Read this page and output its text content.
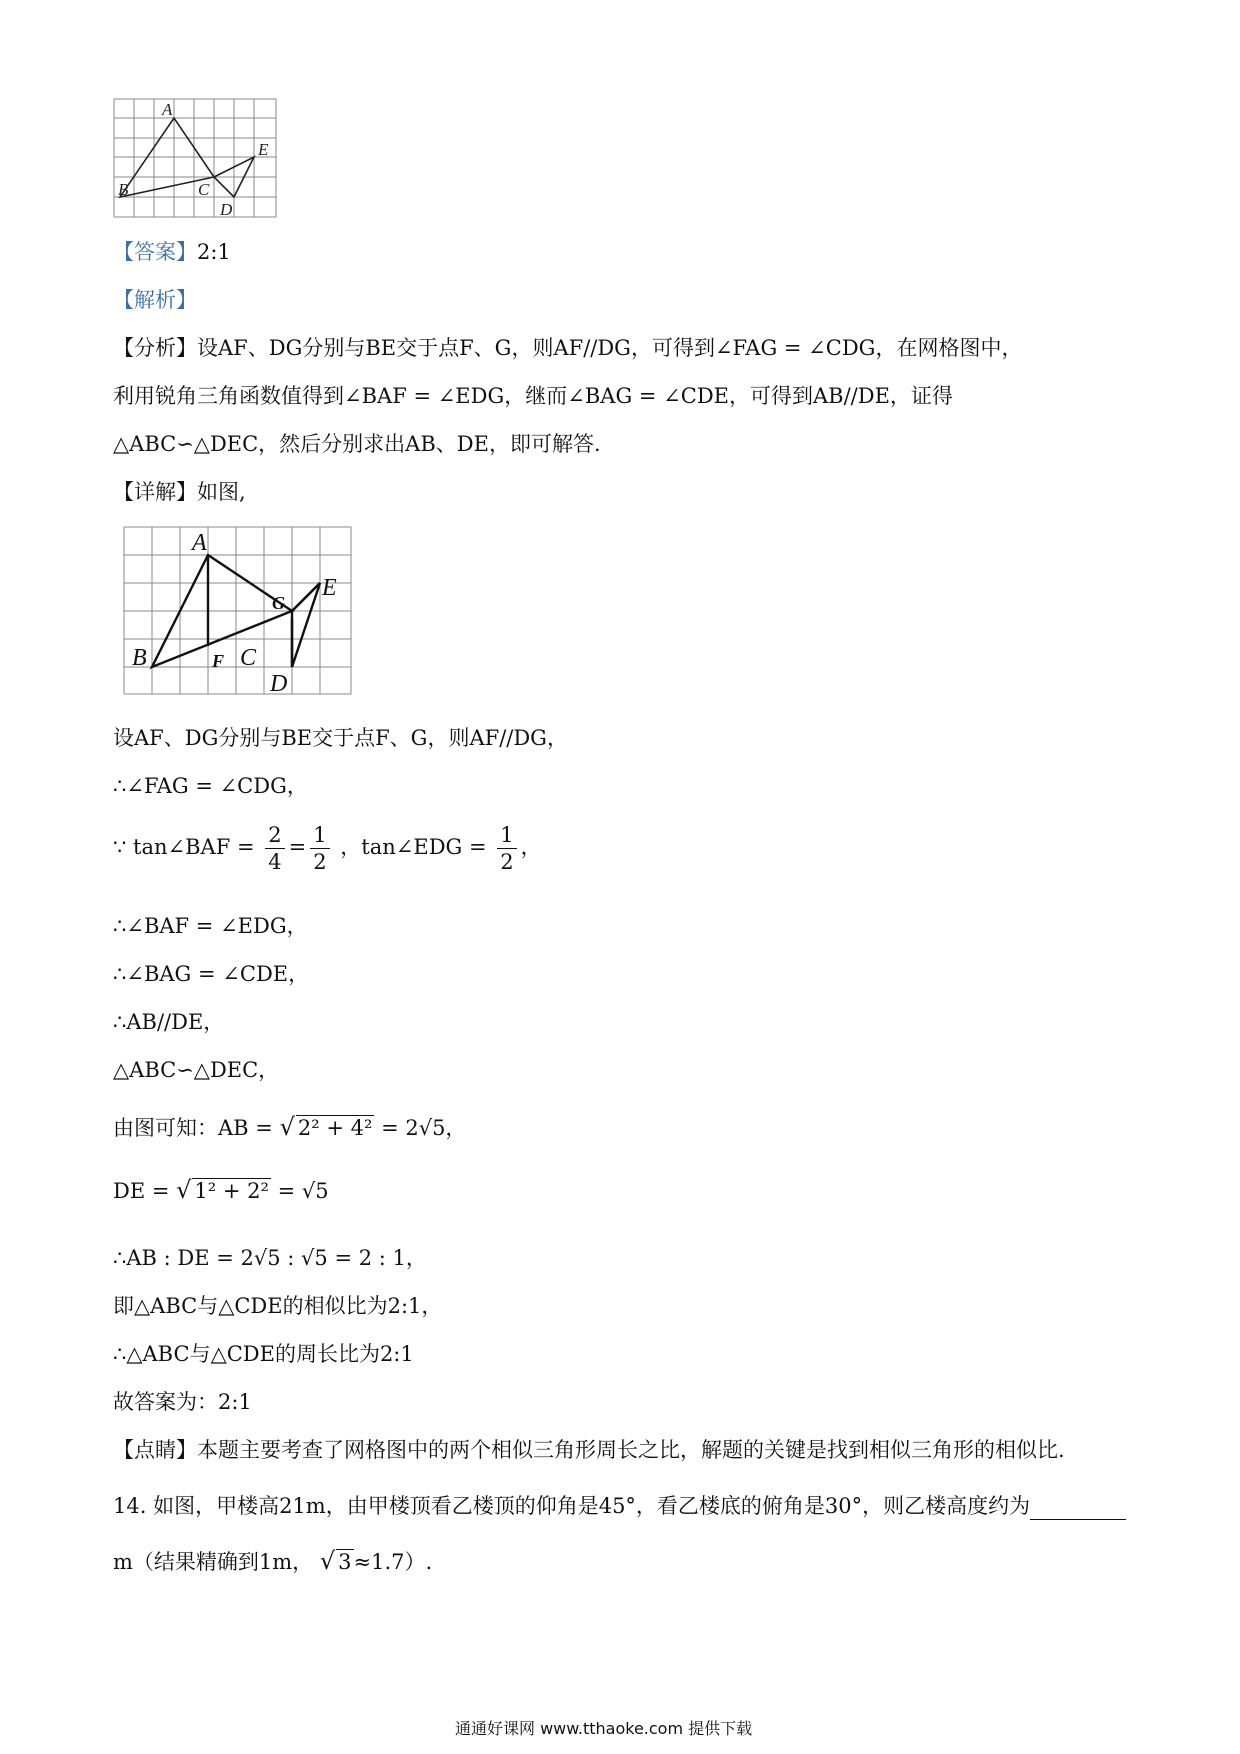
A
B	C
D
E
【答案】2:1
【解析】
【分析】设AF、DG分别与BE交于点F、G，则AF//DG，可得到∠FAG = ∠CDG，在网格图中，
利用锐角三角函数值得到∠BAF = ∠EDG，继而∠BAG = ∠CDE，可得到AB//DE，证得
△ABC∽△DEC，然后分别求出AB、DE，即可解答.
【详解】如图,
A
B	C
D
E
F
G
设AF、DG分别与BE交于点F、G，则AF//DG，
∴∠FAG = ∠CDG，
∵ tan∠BAF = $\frac{2}{4} = \frac{1}{2}$ ，tan∠EDG = $\frac{1}{2}$ ，
∴∠BAF = ∠EDG，
∴∠BAG = ∠CDE，
∴AB//DE，
△ABC∽△DEC，
由图可知：AB = √ 2² + 4² = 2√5，
DE = √ 1² + 2² = √5
∴AB : DE = 2√5 : √5 = 2 : 1，
即△ABC与△CDE的相似比为2:1，
∴△ABC与△CDE的周长比为2:1
故答案为：2:1
【点睛】本题主要考查了网格图中的两个相似三角形周长之比，解题的关键是找到相似三角形的相似比.
14. 如图，甲楼高21m，由甲楼顶看乙楼顶的仰角是45°，看乙楼底的俯角是30°，则乙楼高度约为
m（结果精确到1m， √ 3≈1.7）.
通通好课网 www.tthaoke.com 提供下载
